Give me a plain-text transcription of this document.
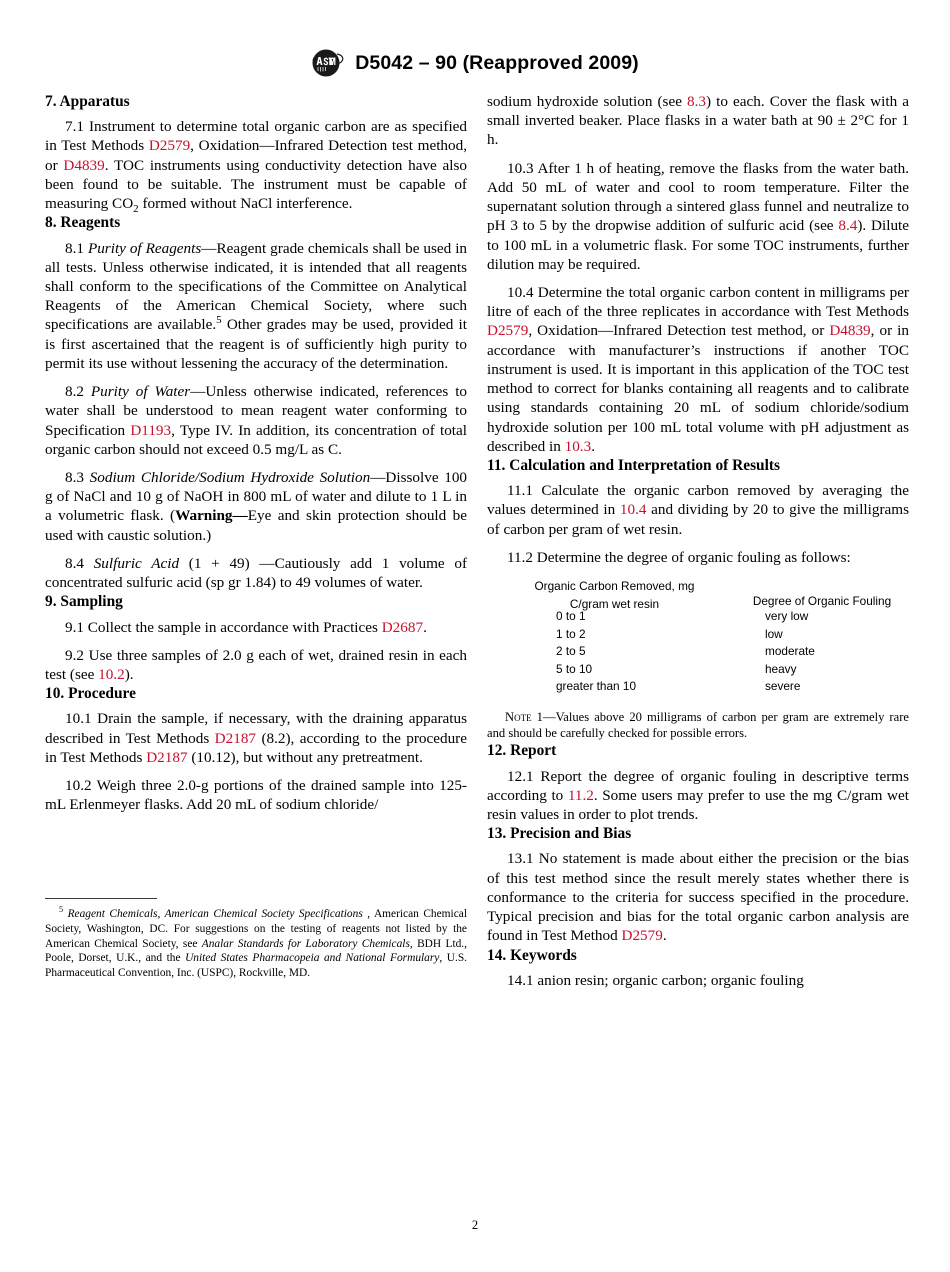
D5042 – 90 (Reapproved 2009)
7. Apparatus

7.1 Instrument to determine total organic carbon are as specified in Test Methods D2579, Oxidation—Infrared Detection test method, or D4839. TOC instruments using conductivity detection have also been found to be suitable. The instrument must be capable of measuring $CO_2$ formed without NaCl interference.

8. Reagents

8.1 Purity of Reagents—Reagent grade chemicals shall be used in all tests. Unless otherwise indicated, it is intended that all reagents shall conform to the specifications of the Committee on Analytical Reagents of the American Chemical Society, where such specifications are available.$^5$ Other grades may be used, provided it is first ascertained that the reagent is of sufficiently high purity to permit its use without lessening the accuracy of the determination.

8.2 Purity of Water—Unless otherwise indicated, references to water shall be understood to mean reagent water conforming to Specification D1193, Type IV. In addition, its concentration of total organic carbon should not exceed 0.5 mg/L as C.

8.3 Sodium Chloride/Sodium Hydroxide Solution—Dissolve 100 g of NaCl and 10 g of NaOH in 800 mL of water and dilute to 1 L in a volumetric flask. (Warning—Eye and skin protection should be used with caustic solution.)

8.4 Sulfuric Acid (1 + 49) —Cautiously add 1 volume of concentrated sulfuric acid (sp gr 1.84) to 49 volumes of water.

9. Sampling

9.1 Collect the sample in accordance with Practices D2687.

9.2 Use three samples of 2.0 g each of wet, drained resin in each test (see 10.2).

10. Procedure

10.1 Drain the sample, if necessary, with the draining apparatus described in Test Methods D2187 (8.2), according to the procedure in Test Methods D2187 (10.12), but without any pretreatment.

10.2 Weigh three 2.0-g portions of the drained sample into 125-mL Erlenmeyer flasks. Add 20 mL of sodium chloride/

$^5$ Reagent Chemicals, American Chemical Society Specifications , American Chemical Society, Washington, DC. For suggestions on the testing of reagents not listed by the American Chemical Society, see Analar Standards for Laboratory Chemicals, BDH Ltd., Poole, Dorset, U.K., and the United States Pharmacopeia and National Formulary, U.S. Pharmaceutical Convention, Inc. (USPC), Rockville, MD.

sodium hydroxide solution (see 8.3) to each. Cover the flask with a small inverted beaker. Place flasks in a water bath at 90 ± 2°C for 1 h.

10.3 After 1 h of heating, remove the flasks from the water bath. Add 50 mL of water and cool to room temperature. Filter the supernatant solution through a sintered glass funnel and neutralize to pH 3 to 5 by the dropwise addition of sulfuric acid (see 8.4). Dilute to 100 mL in a volumetric flask. For some TOC instruments, further dilution may be required.

10.4 Determine the total organic carbon content in milligrams per litre of each of the three replicates in accordance with Test Methods D2579, Oxidation—Infrared Detection test method, or D4839, or in accordance with manufacturer’s instructions if another TOC instrument is used. It is important in this application of the TOC test method to correct for blanks containing all reagents and to calibrate using standards containing 20 mL of sodium chloride/sodium hydroxide solution per 100 mL total volume with pH adjustment as described in 10.3.

11. Calculation and Interpretation of Results

11.1 Calculate the organic carbon removed by averaging the values determined in 10.4 and dividing by 20 to give the milligrams of carbon per gram of wet resin.

11.2 Determine the degree of organic fouling as follows:

Organic Carbon Removed, mg
C/gram wet resin	Degree of Organic Fouling
0 to 1	very low
1 to 2	low
2 to 5	moderate
5 to 10	heavy
greater than 10	severe

Note 1—Values above 20 milligrams of carbon per gram are extremely rare and should be carefully checked for possible errors.

12. Report

12.1 Report the degree of organic fouling in descriptive terms according to 11.2. Some users may prefer to use the mg C/gram wet resin values in order to plot trends.

13. Precision and Bias

13.1 No statement is made about either the precision or the bias of this test method since the result merely states whether there is conformance to the criteria for success specified in the procedure. Typical precision and bias for the total organic carbon analysis are found in Test Method D2579.

14. Keywords

14.1 anion resin; organic carbon; organic fouling

2
